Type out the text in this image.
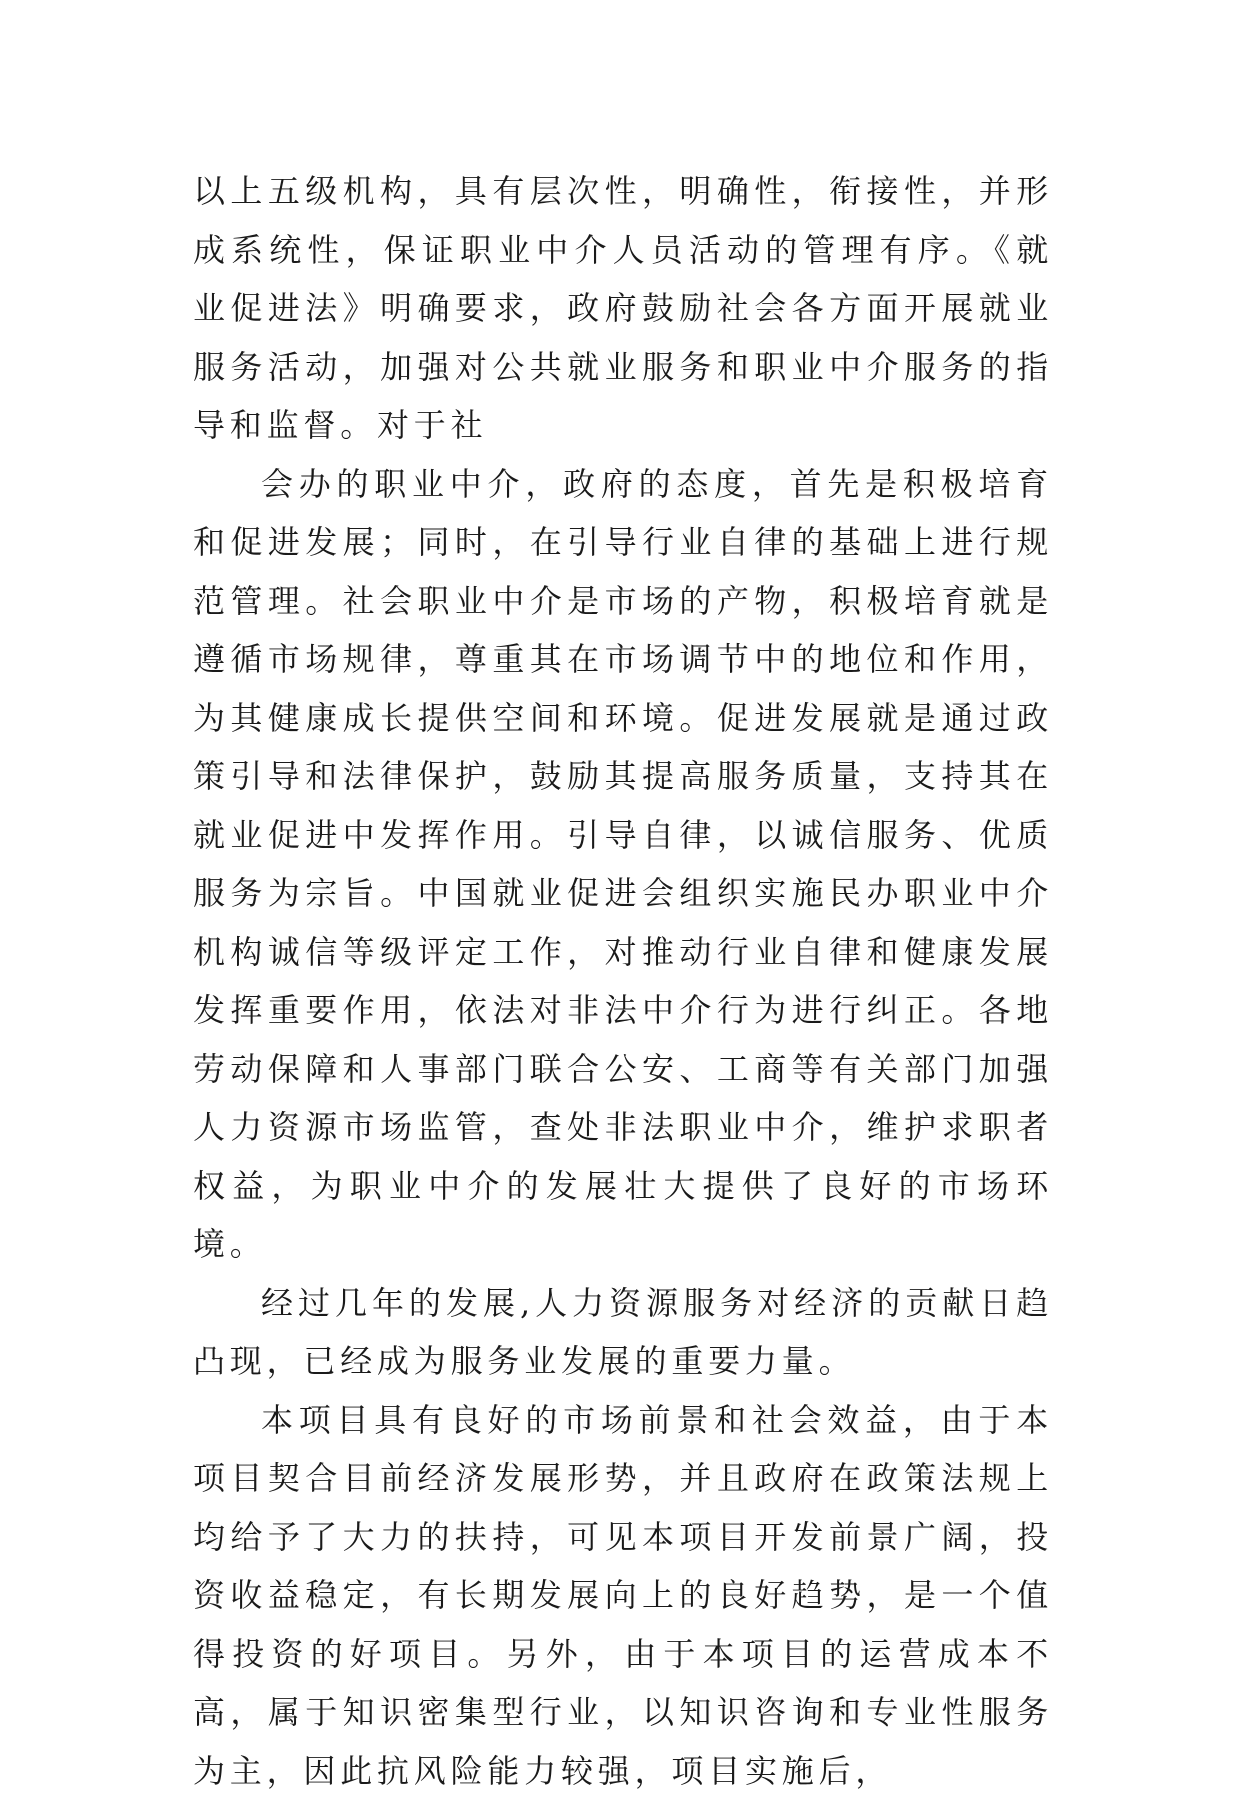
以上五级机构，具有层次性，明确性，衔接性，并形成系统性，保证职业中介人员活动的管理有序。《就业促进法》明确要求，政府鼓励社会各方面开展就业服务活动，加强对公共就业服务和职业中介服务的指导和监督。对于社

会办的职业中介，政府的态度，首先是积极培育和促进发展；同时，在引导行业自律的基础上进行规范管理。社会职业中介是市场的产物，积极培育就是遵循市场规律，尊重其在市场调节中的地位和作用，为其健康成长提供空间和环境。促进发展就是通过政策引导和法律保护，鼓励其提高服务质量，支持其在就业促进中发挥作用。引导自律，以诚信服务、优质服务为宗旨。中国就业促进会组织实施民办职业中介机构诚信等级评定工作，对推动行业自律和健康发展发挥重要作用，依法对非法中介行为进行纠正。各地劳动保障和人事部门联合公安、工商等有关部门加强人力资源市场监管，查处非法职业中介，维护求职者权益，为职业中介的发展壮大提供了良好的市场环境。

经过几年的发展,人力资源服务对经济的贡献日趋凸现，已经成为服务业发展的重要力量。

本项目具有良好的市场前景和社会效益，由于本项目契合目前经济发展形势，并且政府在政策法规上均给予了大力的扶持，可见本项目开发前景广阔，投资收益稳定，有长期发展向上的良好趋势，是一个值得投资的好项目。另外，由于本项目的运营成本不高，属于知识密集型行业，以知识咨询和专业性服务为主，因此抗风险能力较强，项目实施后，
